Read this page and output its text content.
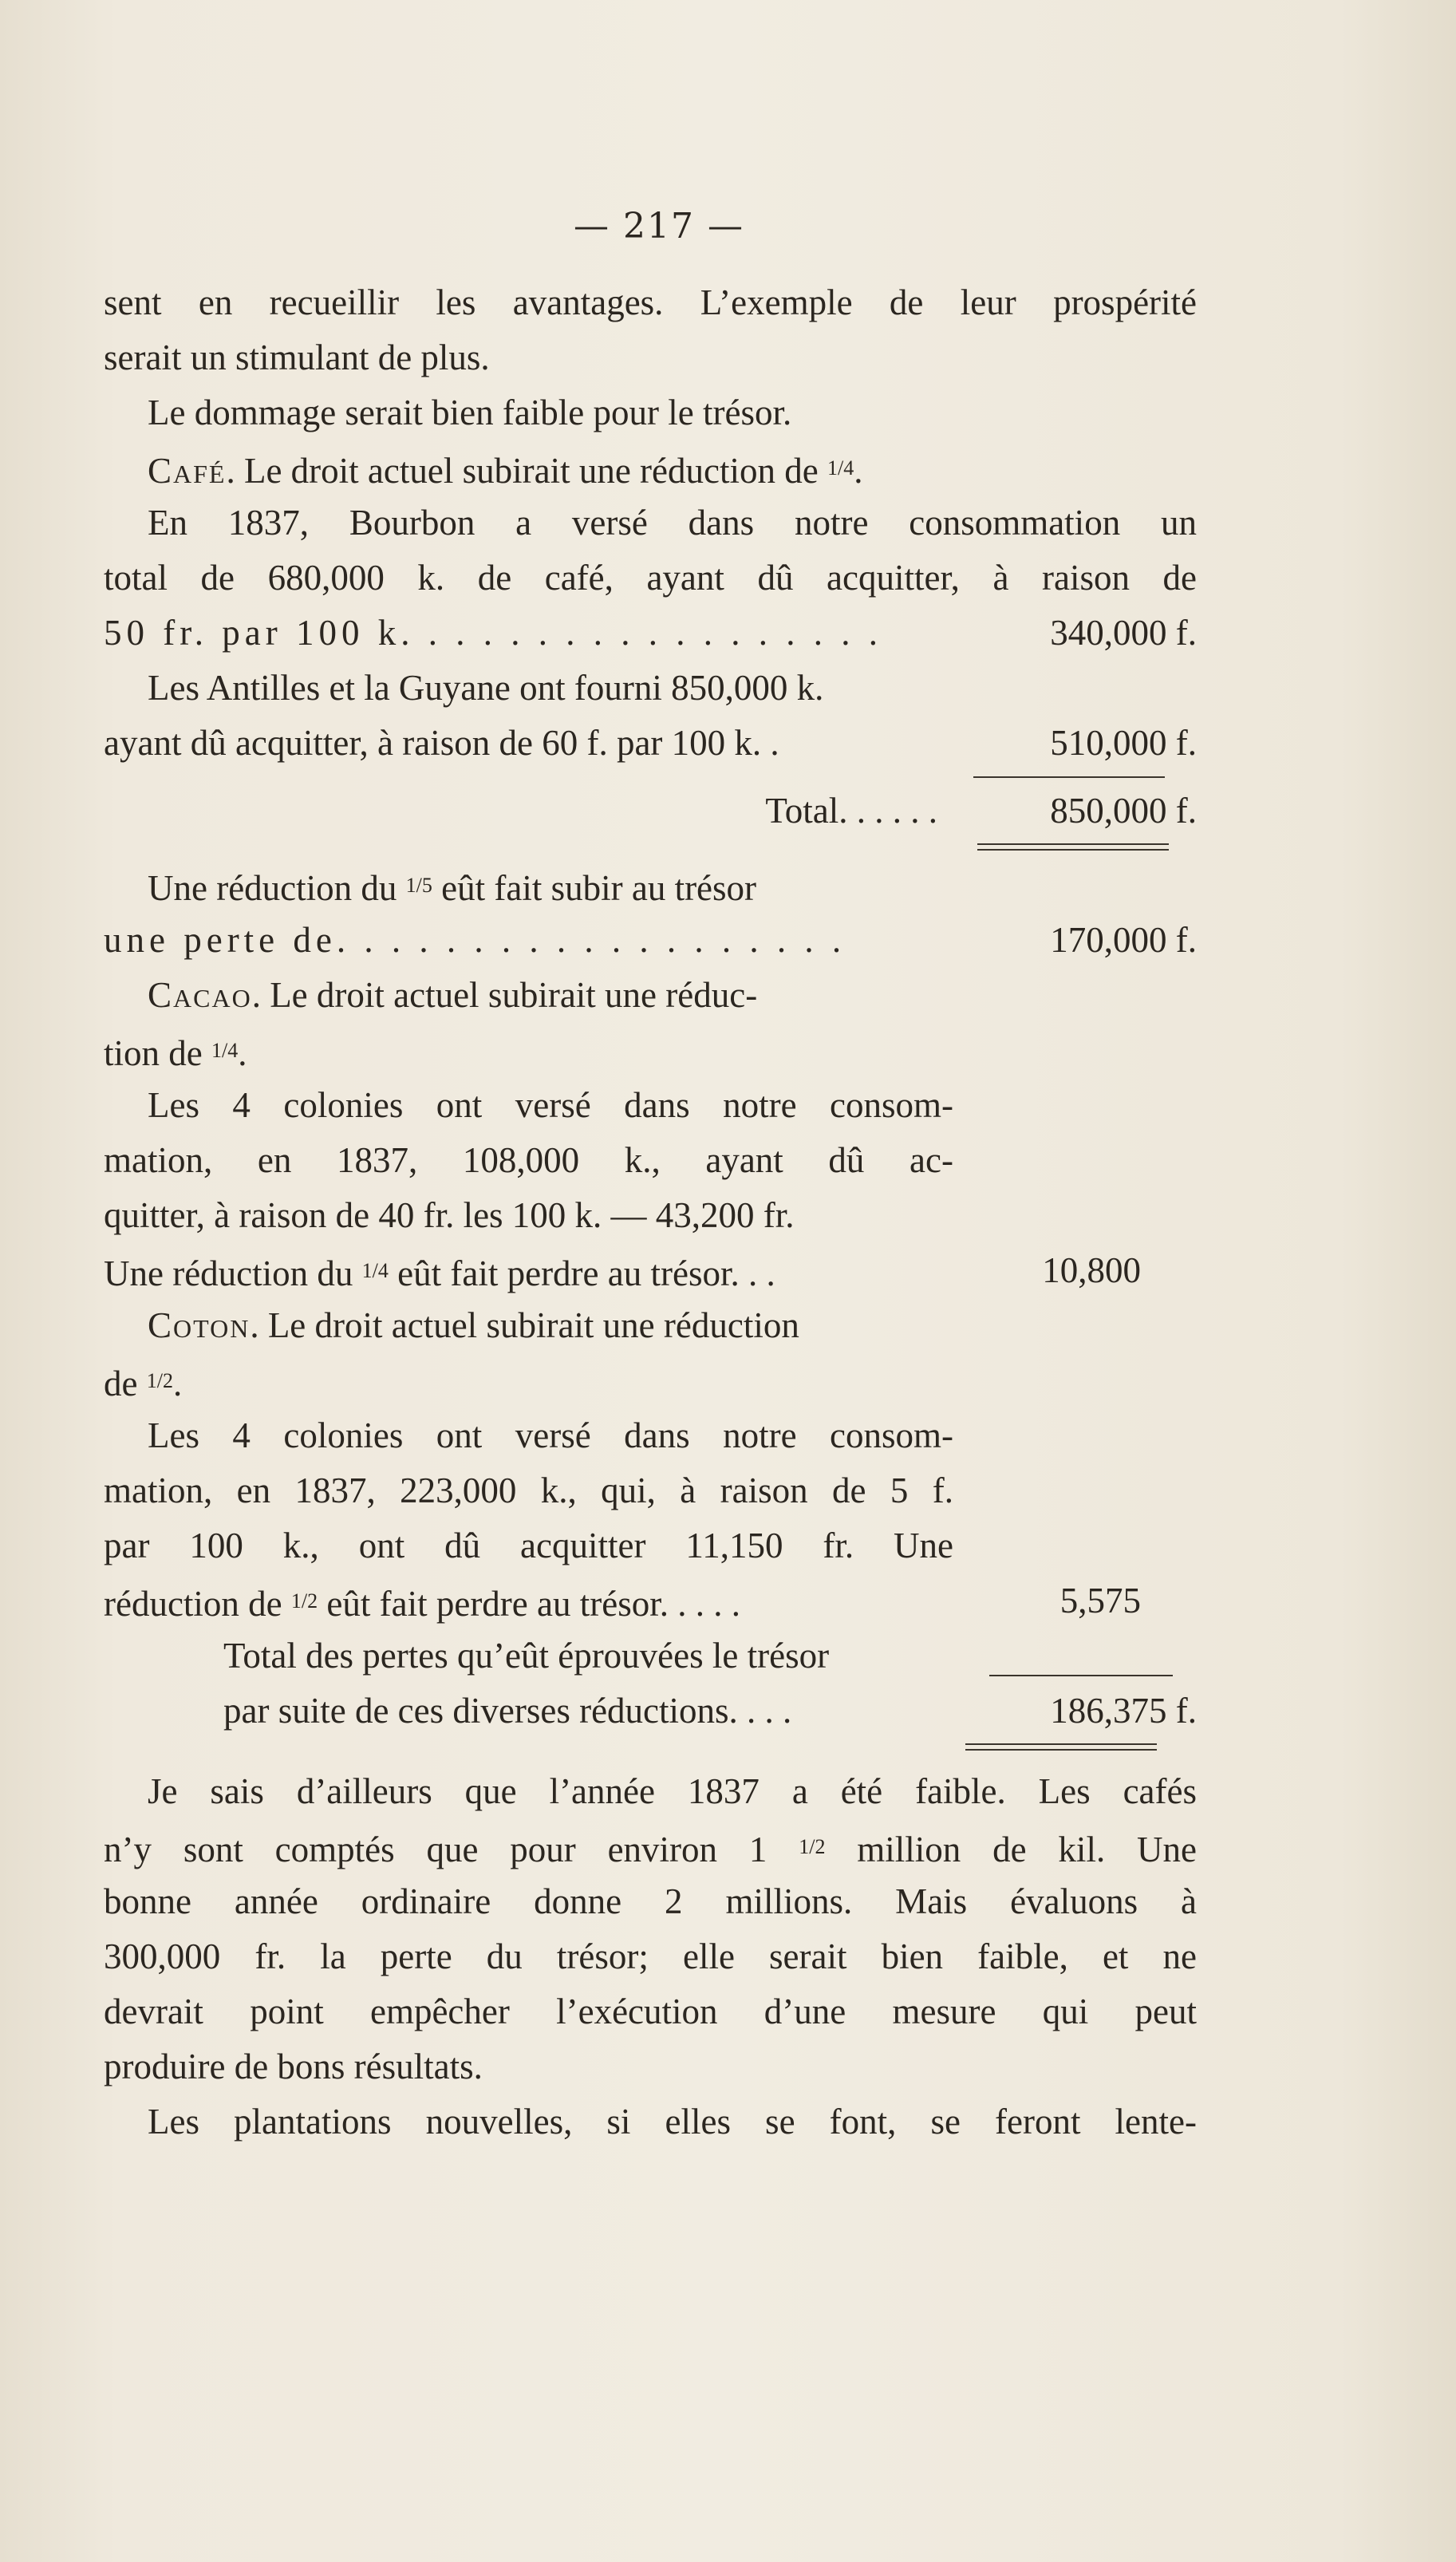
— 217 —
sent en recueillir les avantages. L’exemple de leur prospérité
serait un stimulant de plus.
Le dommage serait bien faible pour le trésor.
Café. Le droit actuel subirait une réduction de $^{1/4}$.
En 1837, Bourbon a versé dans notre consommation un
total de 680,000 k. de café, ayant dû acquitter, à raison de
50 fr. par 100 k. . . . . . . . . . . . . . . . . .	340,000 f.
Les Antilles et la Guyane ont fourni 850,000 k.
ayant dû acquitter, à raison de 60 f. par 100 k. .	510,000 f.
Total. . . . . .	850,000 f.
Une réduction du $^{1/5}$ eût fait subir au trésor
une perte de. . . . . . . . . . . . . . . . . . .	170,000 f.
Cacao. Le droit actuel subirait une réduc-
tion de $^{1/4}$.
Les 4 colonies ont versé dans notre consom-
mation, en 1837, 108,000 k., ayant dû ac-
quitter, à raison de 40 fr. les 100 k. — 43,200 fr.
Une réduction du $^{1/4}$ eût fait perdre au trésor. . .	10,800
Coton. Le droit actuel subirait une réduction
de $^{1/2}$.
Les 4 colonies ont versé dans notre consom-
mation, en 1837, 223,000 k., qui, à raison de 5 f.
par 100 k., ont dû acquitter 11,150 fr. Une
réduction de $^{1/2}$ eût fait perdre au trésor. . . . .	5,575
Total des pertes qu’eût éprouvées le trésor
par suite de ces diverses réductions. . . .	186,375 f.
Je sais d’ailleurs que l’année 1837 a été faible. Les cafés
n’y sont comptés que pour environ 1 $^{1/2}$ million de kil. Une
bonne année ordinaire donne 2 millions. Mais évaluons à
300,000 fr. la perte du trésor; elle serait bien faible, et ne
devrait point empêcher l’exécution d’une mesure qui peut
produire de bons résultats.
Les plantations nouvelles, si elles se font, se feront lente-
